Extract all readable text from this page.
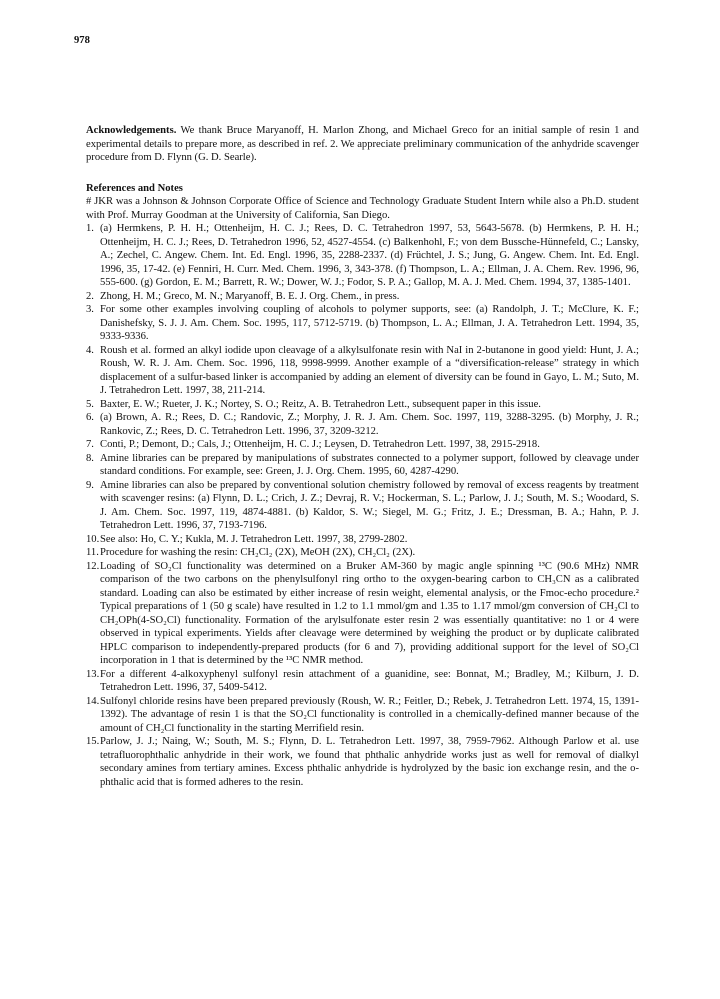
978

Acknowledgements. We thank Bruce Maryanoff, H. Marlon Zhong, and Michael Greco for an initial sample of resin 1 and experimental details to prepare more, as described in ref. 2. We appreciate preliminary communication of the anhydride scavenger procedure from D. Flynn (G. D. Searle).

References and Notes

# JKR was a Johnson & Johnson Corporate Office of Science and Technology Graduate Student Intern while also a Ph.D. student with Prof. Murray Goodman at the University of California, San Diego.

1. (a) Hermkens, P. H. H.; Ottenheijm, H. C. J.; Rees, D. C. Tetrahedron 1997, 53, 5643-5678. (b) Hermkens, P. H. H.; Ottenheijm, H. C. J.; Rees, D. Tetrahedron 1996, 52, 4527-4554. (c) Balkenhohl, F.; von dem Bussche-Hünnefeld, C.; Lansky, A.; Zechel, C. Angew. Chem. Int. Ed. Engl. 1996, 35, 2288-2337. (d) Früchtel, J. S.; Jung, G. Angew. Chem. Int. Ed. Engl. 1996, 35, 17-42. (e) Fenniri, H. Curr. Med. Chem. 1996, 3, 343-378. (f) Thompson, L. A.; Ellman, J. A. Chem. Rev. 1996, 96, 555-600. (g) Gordon, E. M.; Barrett, R. W.; Dower, W. J.; Fodor, S. P. A.; Gallop, M. A. J. Med. Chem. 1994, 37, 1385-1401.
2. Zhong, H. M.; Greco, M. N.; Maryanoff, B. E. J. Org. Chem., in press.
3. For some other examples involving coupling of alcohols to polymer supports, see: (a) Randolph, J. T.; McClure, K. F.; Danishefsky, S. J. J. Am. Chem. Soc. 1995, 117, 5712-5719. (b) Thompson, L. A.; Ellman, J. A. Tetrahedron Lett. 1994, 35, 9333-9336.
4. Roush et al. formed an alkyl iodide upon cleavage of a alkylsulfonate resin with NaI in 2-butanone in good yield: Hunt, J. A.; Roush, W. R. J. Am. Chem. Soc. 1996, 118, 9998-9999. Another example of a “diversification-release” strategy in which displacement of a sulfur-based linker is accompanied by adding an element of diversity can be found in Gayo, L. M.; Suto, M. J. Tetrahedron Lett. 1997, 38, 211-214.
5. Baxter, E. W.; Rueter, J. K.; Nortey, S. O.; Reitz, A. B. Tetrahedron Lett., subsequent paper in this issue.
6. (a) Brown, A. R.; Rees, D. C.; Randovic, Z.; Morphy, J. R. J. Am. Chem. Soc. 1997, 119, 3288-3295. (b) Morphy, J. R.; Rankovic, Z.; Rees, D. C. Tetrahedron Lett. 1996, 37, 3209-3212.
7. Conti, P.; Demont, D.; Cals, J.; Ottenheijm, H. C. J.; Leysen, D. Tetrahedron Lett. 1997, 38, 2915-2918.
8. Amine libraries can be prepared by manipulations of substrates connected to a polymer support, followed by cleavage under standard conditions. For example, see: Green, J. J. Org. Chem. 1995, 60, 4287-4290.
9. Amine libraries can also be prepared by conventional solution chemistry followed by removal of excess reagents by treatment with scavenger resins: (a) Flynn, D. L.; Crich, J. Z.; Devraj, R. V.; Hockerman, S. L.; Parlow, J. J.; South, M. S.; Woodard, S. J. Am. Chem. Soc. 1997, 119, 4874-4881. (b) Kaldor, S. W.; Siegel, M. G.; Fritz, J. E.; Dressman, B. A.; Hahn, P. J. Tetrahedron Lett. 1996, 37, 7193-7196.
10. See also: Ho, C. Y.; Kukla, M. J. Tetrahedron Lett. 1997, 38, 2799-2802.
11. Procedure for washing the resin: CH₂Cl₂ (2X), MeOH (2X), CH₂Cl₂ (2X).
12. Loading of SO₂Cl functionality was determined on a Bruker AM-360 by magic angle spinning ¹³C (90.6 MHz) NMR comparison of the two carbons on the phenylsulfonyl ring ortho to the oxygen-bearing carbon to CH₃CN as a calibrated standard. Loading can also be estimated by either increase of resin weight, elemental analysis, or the Fmoc-echo procedure.² Typical preparations of 1 (50 g scale) have resulted in 1.2 to 1.1 mmol/gm and 1.35 to 1.17 mmol/gm conversion of CH₂Cl to CH₂OPh(4-SO₂Cl) functionality. Formation of the arylsulfonate ester resin 2 was essentially quantitative: no 1 or 4 were observed in typical experiments. Yields after cleavage were determined by weighing the product or by duplicate calibrated HPLC comparison to independently-prepared products (for 6 and 7), providing additional support for the level of SO₂Cl incorporation in 1 that is determined by the ¹³C NMR method.
13. For a different 4-alkoxyphenyl sulfonyl resin attachment of a guanidine, see: Bonnat, M.; Bradley, M.; Kilburn, J. D. Tetrahedron Lett. 1996, 37, 5409-5412.
14. Sulfonyl chloride resins have been prepared previously (Roush, W. R.; Feitler, D.; Rebek, J. Tetrahedron Lett. 1974, 15, 1391-1392). The advantage of resin 1 is that the SO₂Cl functionality is controlled in a chemically-defined manner because of the amount of CH₂Cl functionality in the starting Merrifield resin.
15. Parlow, J. J.; Naing, W.; South, M. S.; Flynn, D. L. Tetrahedron Lett. 1997, 38, 7959-7962. Although Parlow et al. use tetrafluorophthalic anhydride in their work, we found that phthalic anhydride works just as well for removal of dialkyl secondary amines from tertiary amines. Excess phthalic anhydride is hydrolyzed by the basic ion exchange resin, and the o-phthalic acid that is formed adheres to the resin.
